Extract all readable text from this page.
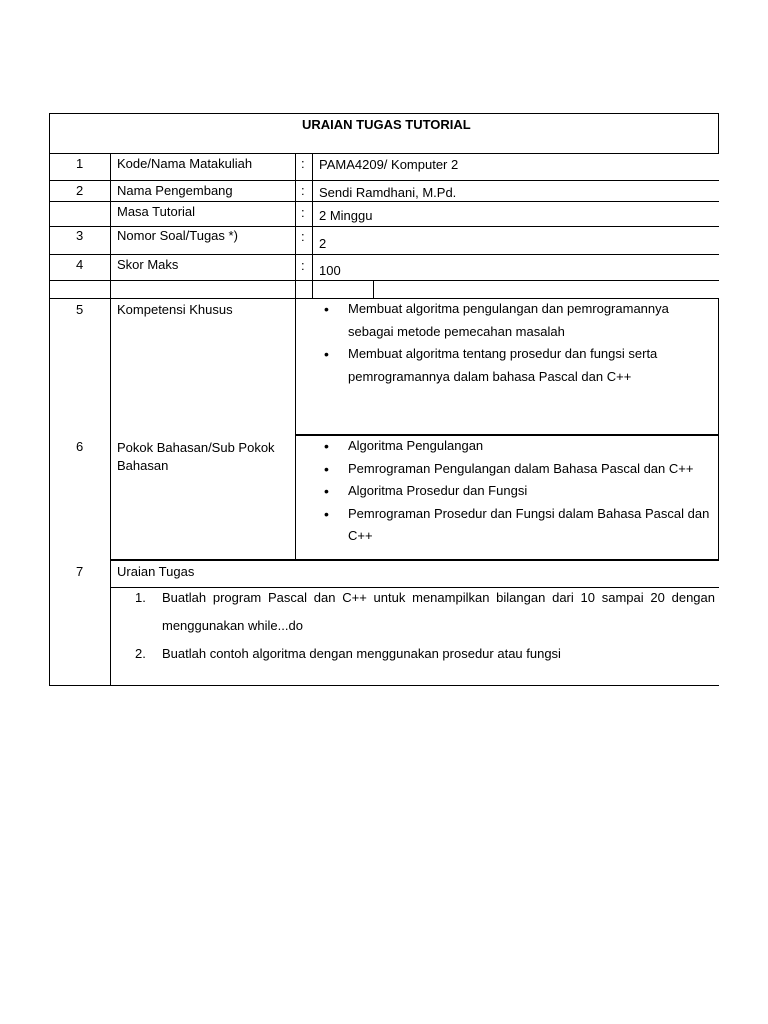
URAIAN TUGAS TUTORIAL
1	Kode/Nama Matakuliah	: PAMA4209/ Komputer 2
2	Nama Pengembang	: Sendi Ramdhani, M.Pd.
Masa Tutorial	: 2 Minggu
3	Nomor Soal/Tugas *)	: 2
4	Skor Maks	: 100
5	Kompetensi Khusus
•	Membuat algoritma pengulangan dan pemrogramannya sebagai metode pemecahan masalah
• Membuat algoritma tentang prosedur dan fungsi serta pemrogramannya dalam bahasa Pascal dan C++
6	Pokok Bahasan/Sub Pokok Bahasan
• Algoritma Pengulangan
• Pemrograman Pengulangan dalam Bahasa Pascal dan C++
• Algoritma Prosedur dan Fungsi
• Pemrograman Prosedur dan Fungsi dalam Bahasa Pascal dan C++
7	Uraian Tugas
1. Buatlah program Pascal dan C++ untuk menampilkan bilangan dari 10 sampai 20 dengan menggunakan while...do
2. Buatlah contoh algoritma dengan menggunakan prosedur atau fungsi
